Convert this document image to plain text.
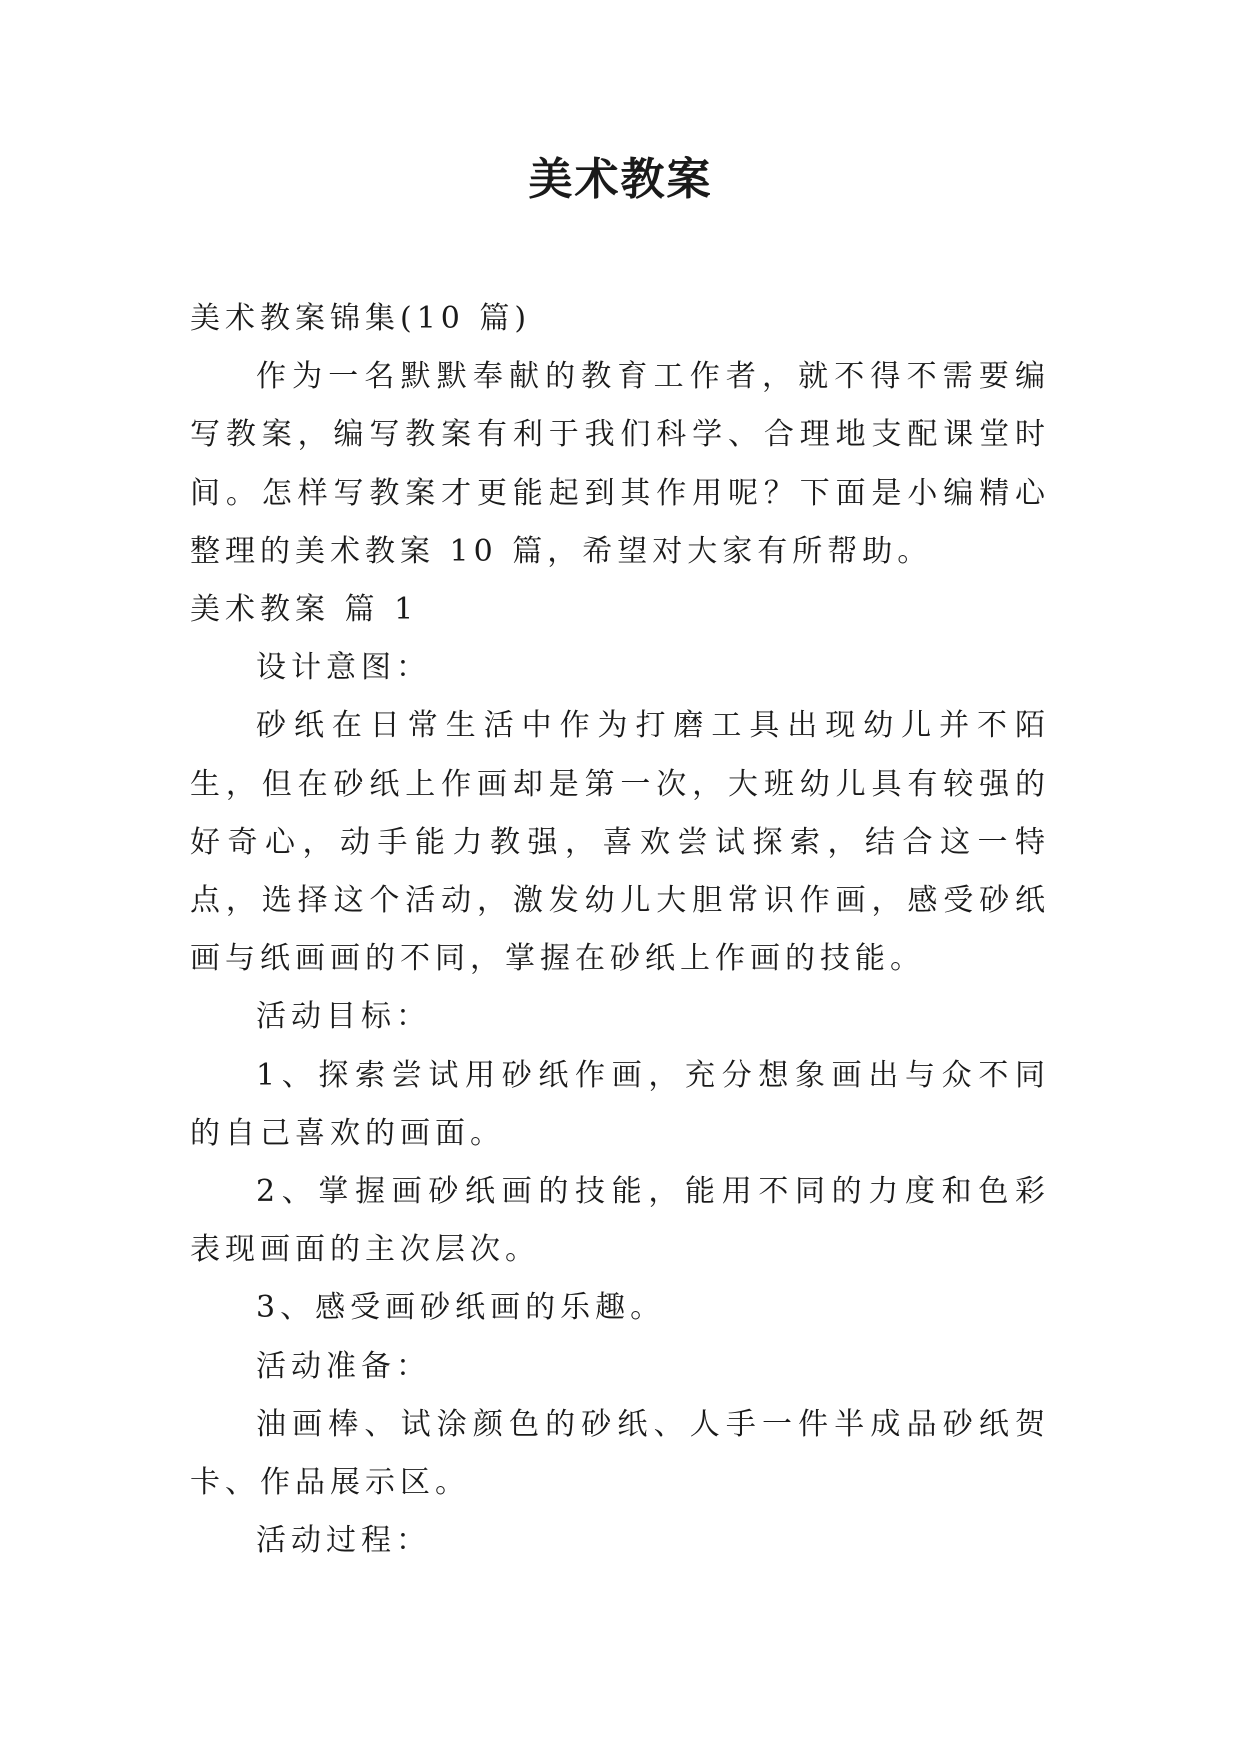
美术教案

美术教案锦集(10 篇)

作为一名默默奉献的教育工作者，就不得不需要编写教案，编写教案有利于我们科学、合理地支配课堂时间。怎样写教案才更能起到其作用呢？下面是小编精心整理的美术教案 10 篇，希望对大家有所帮助。

美术教案 篇 1

设计意图：

砂纸在日常生活中作为打磨工具出现幼儿并不陌生，但在砂纸上作画却是第一次，大班幼儿具有较强的好奇心，动手能力教强，喜欢尝试探索，结合这一特点，选择这个活动，激发幼儿大胆常识作画，感受砂纸画与纸画画的不同，掌握在砂纸上作画的技能。

活动目标：

1、探索尝试用砂纸作画，充分想象画出与众不同的自己喜欢的画面。

2、掌握画砂纸画的技能，能用不同的力度和色彩表现画面的主次层次。

3、感受画砂纸画的乐趣。

活动准备：

油画棒、试涂颜色的砂纸、人手一件半成品砂纸贺卡、作品展示区。

活动过程：
